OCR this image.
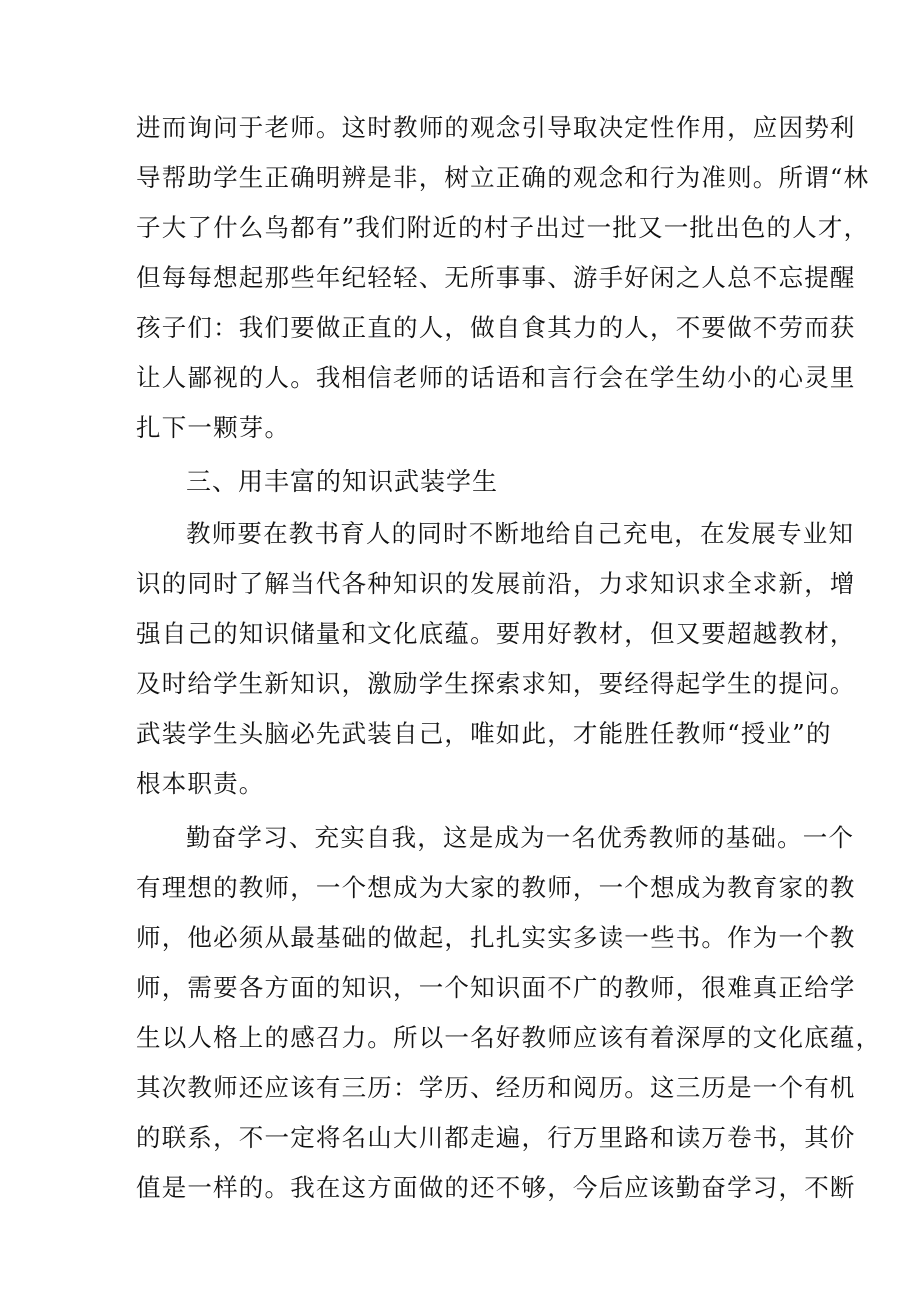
进而询问于老师。这时教师的观念引导取决定性作用，应因势利
导帮助学生正确明辨是非，树立正确的观念和行为准则。所谓“林
子大了什么鸟都有”我们附近的村子出过一批又一批出色的人才，
但每每想起那些年纪轻轻、无所事事、游手好闲之人总不忘提醒
孩子们：我们要做正直的人，做自食其力的人，不要做不劳而获
让人鄙视的人。我相信老师的话语和言行会在学生幼小的心灵里
扎下一颗芽。
三、用丰富的知识武装学生
教师要在教书育人的同时不断地给自己充电，在发展专业知
识的同时了解当代各种知识的发展前沿，力求知识求全求新，增
强自己的知识储量和文化底蕴。要用好教材，但又要超越教材，
及时给学生新知识，激励学生探索求知，要经得起学生的提问。
武装学生头脑必先武装自己，唯如此，才能胜任教师“授业”的
根本职责。
勤奋学习、充实自我，这是成为一名优秀教师的基础。一个
有理想的教师，一个想成为大家的教师，一个想成为教育家的教
师，他必须从最基础的做起，扎扎实实多读一些书。作为一个教
师，需要各方面的知识，一个知识面不广的教师，很难真正给学
生以人格上的感召力。所以一名好教师应该有着深厚的文化底蕴，
其次教师还应该有三历：学历、经历和阅历。这三历是一个有机
的联系，不一定将名山大川都走遍，行万里路和读万卷书，其价
值是一样的。我在这方面做的还不够，今后应该勤奋学习，不断
